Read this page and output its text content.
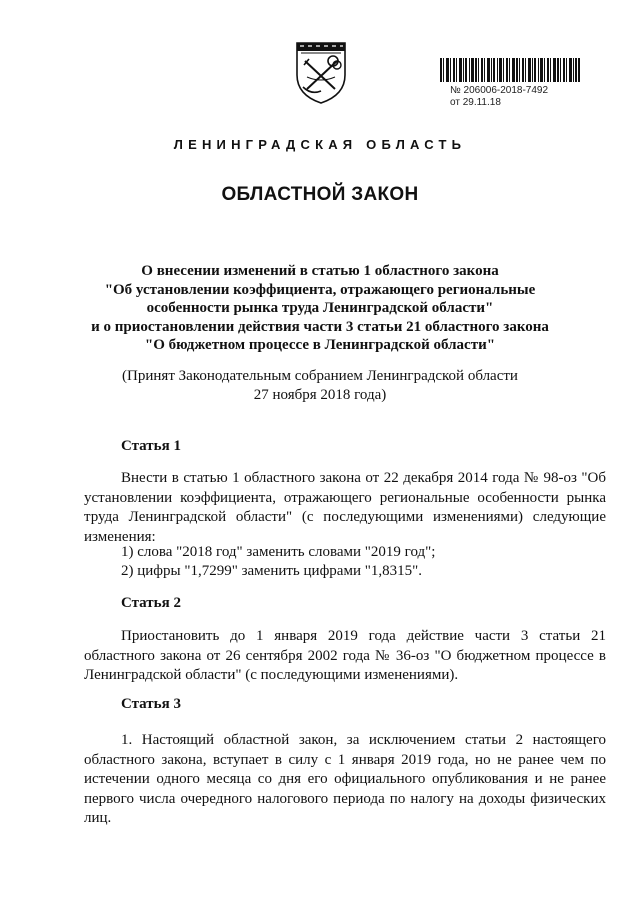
№ 206006-2018-7492
от 29.11.18
ЛЕНИНГРАДСКАЯ ОБЛАСТЬ
ОБЛАСТНОЙ ЗАКОН
О внесении изменений в статью 1 областного закона
"Об установлении коэффициента, отражающего региональные
особенности рынка труда Ленинградской области"
и о приостановлении действия части 3 статьи 21 областного закона
"О бюджетном процессе в Ленинградской области"
(Принят Законодательным собранием Ленинградской области
27 ноября 2018 года)
Статья 1

Внести в статью 1 областного закона от 22 декабря 2014 года № 98-оз "Об установлении коэффициента, отражающего региональные особенности рынка труда Ленинградской области" (с последующими изменениями) следующие изменения:

1) слова "2018 год" заменить словами "2019 год";
2) цифры "1,7299" заменить цифрами "1,8315".
Статья 2

Приостановить до 1 января 2019 года действие части 3 статьи 21 областного закона от 26 сентября 2002 года № 36-оз "О бюджетном процессе в Ленинградской области" (с последующими изменениями).

Статья 3

1. Настоящий областной закон, за исключением статьи 2 настоящего областного закона, вступает в силу с 1 января 2019 года, но не ранее чем по истечении одного месяца со дня его официального опубликования и не ранее первого числа очередного налогового периода по налогу на доходы физических лиц.
